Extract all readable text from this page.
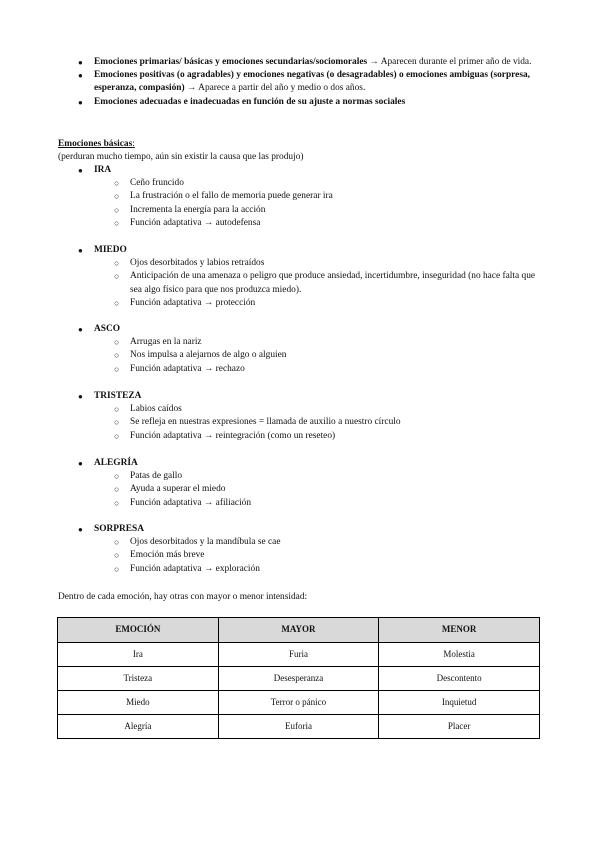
● Emociones primarias/ básicas y emociones secundarias/sociomorales → Aparecen durante el primer año de vida.
● Emociones positivas (o agradables) y emociones negativas (o desagradables) o emociones ambiguas (sorpresa, esperanza, compasión) → Aparece a partir del año y medio o dos años.
● Emociones adecuadas e inadecuadas en función de su ajuste a normas sociales
Emociones básicas:
(perduran mucho tiempo, aún sin existir la causa que las produjo)
● IRA
○ Ceño fruncido
○ La frustración o el fallo de memoria puede generar ira
○ Incrementa la energía para la acción
○ Función adaptativa → autodefensa
● MIEDO
○ Ojos desorbitados y labios retraídos
○ Anticipación de una amenaza o peligro que produce ansiedad, incertidumbre, inseguridad (no hace falta que sea algo físico para que nos produzca miedo).
○ Función adaptativa → protección
● ASCO
○ Arrugas en la nariz
○ Nos impulsa a alejarnos de algo o alguien
○ Función adaptativa → rechazo
● TRISTEZA
○ Labios caídos
○ Se refleja en nuestras expresiones = llamada de auxilio a nuestro círculo
○ Función adaptativa → reintegración (como un reseteo)
● ALEGRÍA
○ Patas de gallo
○ Ayuda a superar el miedo
○ Función adaptativa → afiliación
● SORPRESA
○ Ojos desorbitados y la mandíbula se cae
○ Emoción más breve
○ Función adaptativa → exploración
Dentro de cada emoción, hay otras con mayor o menor intensidad:
EMOCIÓN	MAYOR	MENOR
Ira	Furia	Molestia
Tristeza	Desesperanza	Descontento
Miedo	Terror o pánico	Inquietud
Alegría	Euforia	Placer
